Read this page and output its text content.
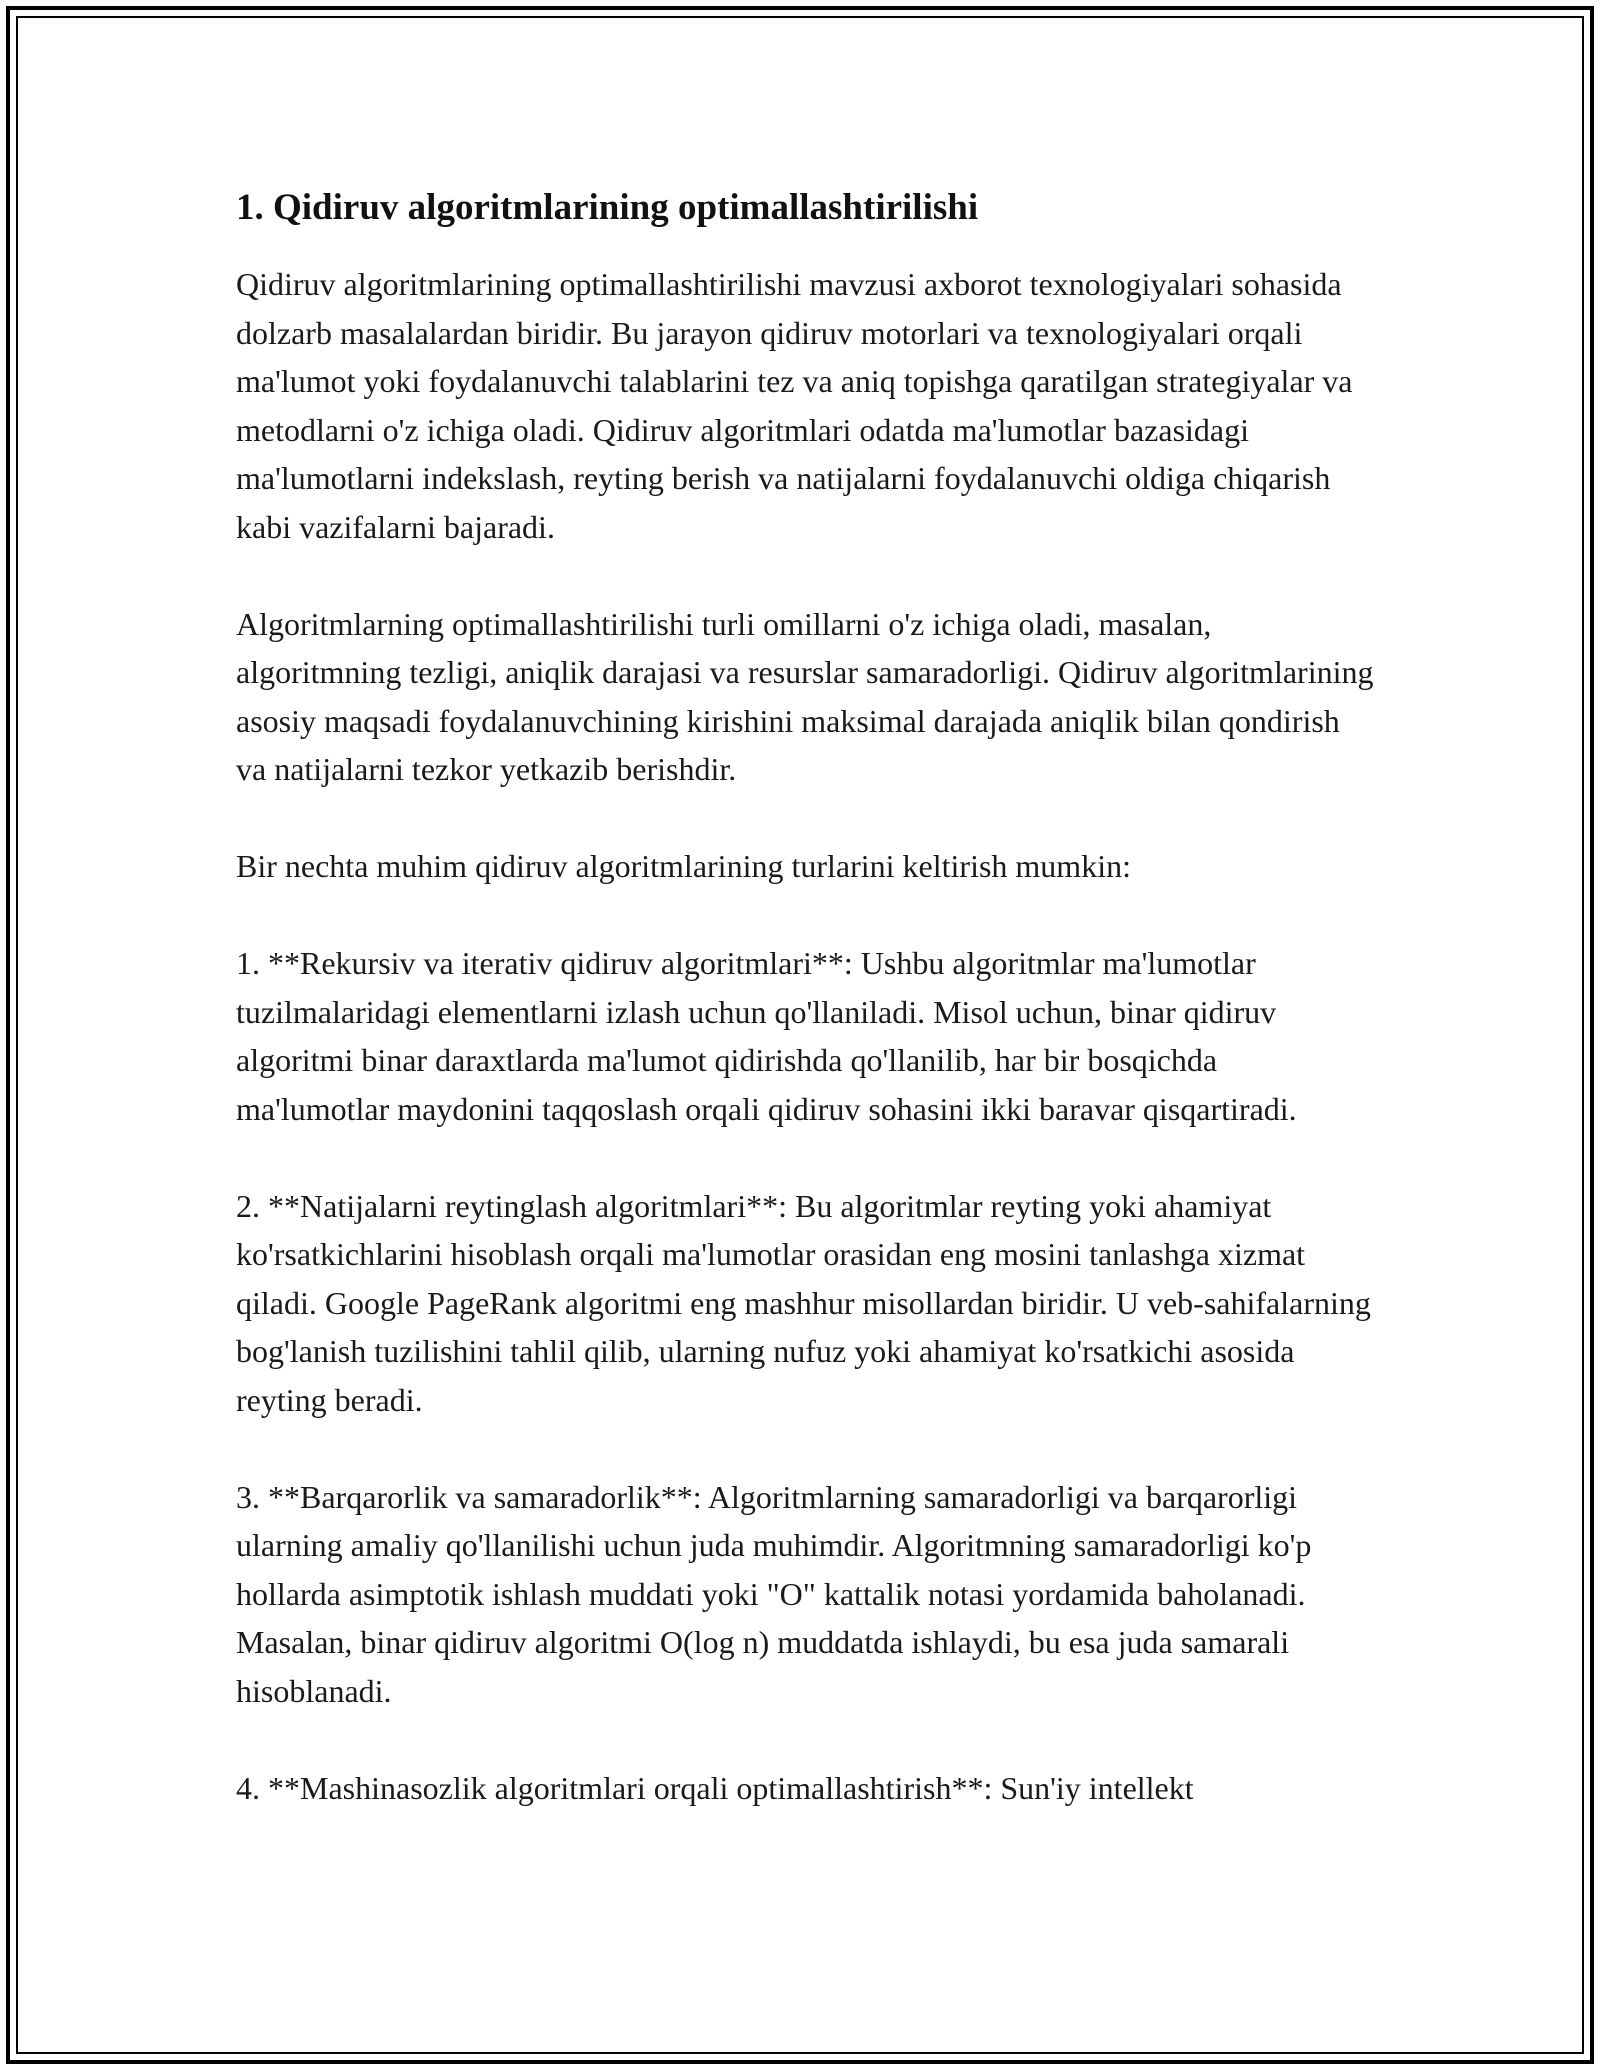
1. Qidiruv algoritmlarining optimallashtirilishi

Qidiruv algoritmlarining optimallashtirilishi mavzusi axborot texnologiyalari sohasida dolzarb masalalardan biridir. Bu jarayon qidiruv motorlari va texnologiyalari orqali ma'lumot yoki foydalanuvchi talablarini tez va aniq topishga qaratilgan strategiyalar va metodlarni o'z ichiga oladi. Qidiruv algoritmlari odatda ma'lumotlar bazasidagi ma'lumotlarni indekslash, reyting berish va natijalarni foydalanuvchi oldiga chiqarish kabi vazifalarni bajaradi.

Algoritmlarning optimallashtirilishi turli omillarni o'z ichiga oladi, masalan, algoritmning tezligi, aniqlik darajasi va resurslar samaradorligi. Qidiruv algoritmlarining asosiy maqsadi foydalanuvchining kirishini maksimal darajada aniqlik bilan qondirish va natijalarni tezkor yetkazib berishdir.

Bir nechta muhim qidiruv algoritmlarining turlarini keltirish mumkin:

1. **Rekursiv va iterativ qidiruv algoritmlari**: Ushbu algoritmlar ma'lumotlar tuzilmalaridagi elementlarni izlash uchun qo'llaniladi. Misol uchun, binar qidiruv algoritmi binar daraxtlarda ma'lumot qidirishda qo'llanilib, har bir bosqichda ma'lumotlar maydonini taqqoslash orqali qidiruv sohasini ikki baravar qisqartiradi.

2. **Natijalarni reytinglash algoritmlari**: Bu algoritmlar reyting yoki ahamiyat ko'rsatkichlarini hisoblash orqali ma'lumotlar orasidan eng mosini tanlashga xizmat qiladi. Google PageRank algoritmi eng mashhur misollardan biridir. U veb-sahifalarning bog'lanish tuzilishini tahlil qilib, ularning nufuz yoki ahamiyat ko'rsatkichi asosida reyting beradi.

3. **Barqarorlik va samaradorlik**: Algoritmlarning samaradorligi va barqarorligi ularning amaliy qo'llanilishi uchun juda muhimdir. Algoritmning samaradorligi ko'p hollarda asimptotik ishlash muddati yoki "O" kattalik notasi yordamida baholanadi. Masalan, binar qidiruv algoritmi O(log n) muddatda ishlaydi, bu esa juda samarali hisoblanadi.

4. **Mashinasozlik algoritmlari orqali optimallashtirish**: Sun'iy intellekt
